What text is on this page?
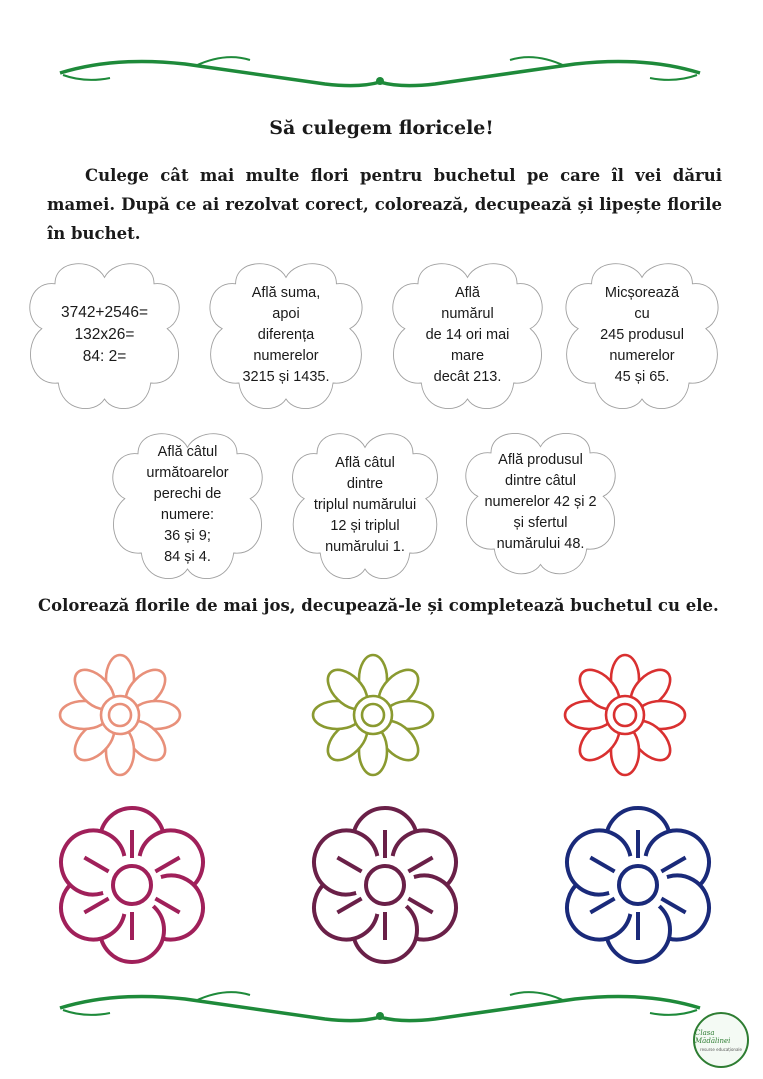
Să culegem floricele!

Culege cât mai multe flori pentru buchetul pe care îl vei dărui mamei. După ce ai rezolvat corect, colorează, decupează și lipește florile în buchet.

3742+2546=
132x26=
84: 2=
Află suma,
apoi
diferența
numerelor
3215 și 1435.
Află
numărul
de 14 ori mai
mare
decât 213.
Micșorează
cu
245 produsul
numerelor
45 și 65.
Află câtul
următoarelor
perechi de
numere:
36 și 9;
84 și 4.
Află câtul
dintre
triplul numărului
12 și triplul
numărului 1.
Află produsul
dintre câtul
numerelor 42 și 2
și sfertul
numărului 48.

Colorează florile de mai jos, decupează-le și completează buchetul cu ele.

Clasa Mădălinei
resurse educaționale
